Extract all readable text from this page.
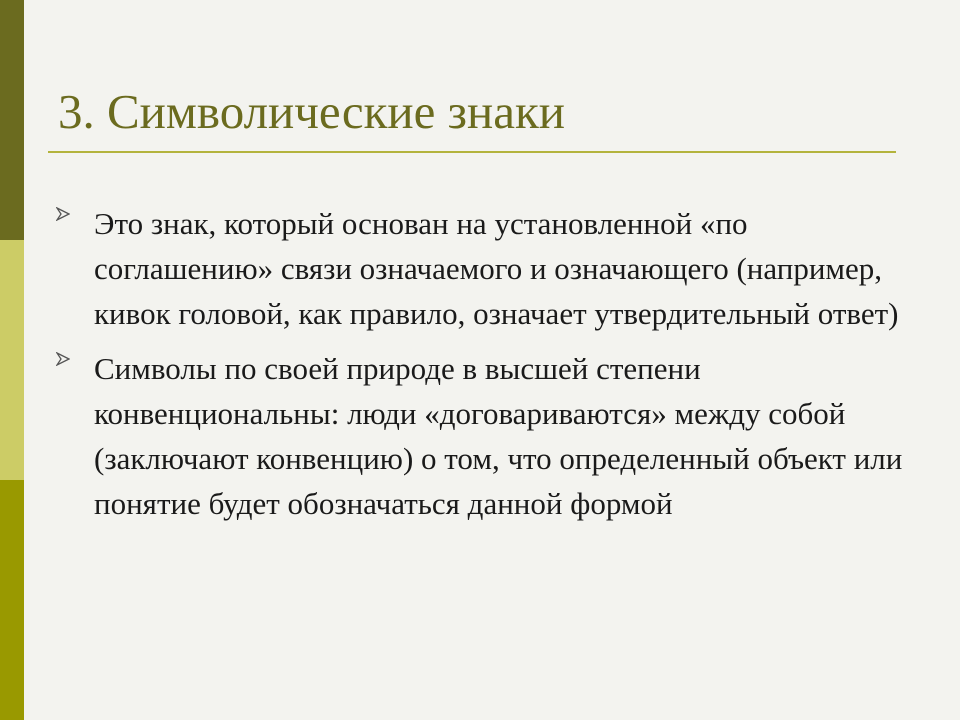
3. Символические знаки
Это знак, который основан на установленной «по соглашению» связи означаемого и означающего (например, кивок головой, как правило, означает утвердительный ответ)
Символы по своей природе в высшей степени конвенциональны: люди «договариваются» между собой (заключают конвенцию) о том, что определенный объект или понятие будет обозначаться данной формой
